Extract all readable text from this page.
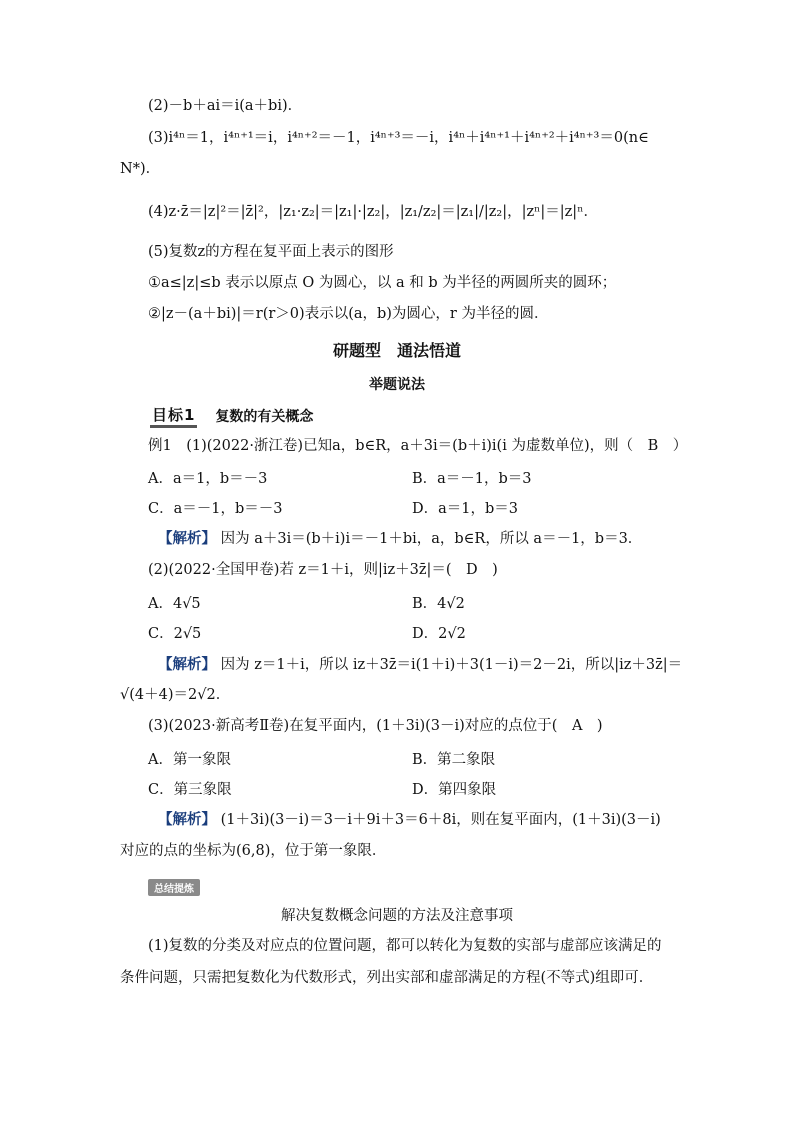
(2)－b＋ai＝i(a＋bi)．
(3)i⁴ⁿ＝1，i⁴ⁿ⁺¹＝i，i⁴ⁿ⁺²＝－1，i⁴ⁿ⁺³＝－i，i⁴ⁿ＋i⁴ⁿ⁺¹＋i⁴ⁿ⁺²＋i⁴ⁿ⁺³＝0(n∈
N*)．
(4)z·z̄＝|z|²＝|z̄|²，|z₁·z₂|＝|z₁|·|z₂|，|z₁/z₂|＝|z₁|/|z₂|，|zⁿ|＝|z|ⁿ．
(5)复数z的方程在复平面上表示的图形
①a≤|z|≤b 表示以原点 O 为圆心，以 a 和 b 为半径的两圆所夹的圆环；
②|z－(a＋bi)|＝r(r＞0)表示以(a，b)为圆心，r 为半径的圆．
研题型　通法悟道
举题说法
目标1 复数的有关概念
例1　(1)(2022·浙江卷)已知a，b∈R，a＋3i＝(b＋i)i(i 为虚数单位)，则（　B　）
A．a＝1，b＝－3	B．a＝－1，b＝3
C．a＝－1，b＝－3	D．a＝1，b＝3
【解析】 因为 a＋3i＝(b＋i)i＝－1＋bi，a，b∈R，所以 a＝－1，b＝3．
(2)(2022·全国甲卷)若 z＝1＋i，则|iz＋3z̄|＝(　D　)
A．4√5	B．4√2
C．2√5	D．2√2
【解析】 因为 z＝1＋i，所以 iz＋3z̄＝i(1＋i)＋3(1－i)＝2－2i，所以|iz＋3z̄|＝
√(4＋4)＝2√2．
(3)(2023·新高考Ⅱ卷)在复平面内，(1＋3i)(3－i)对应的点位于(　A　)
A．第一象限	B．第二象限
C．第三象限	D．第四象限
【解析】 (1＋3i)(3－i)＝3－i＋9i＋3＝6＋8i，则在复平面内，(1＋3i)(3－i)
对应的点的坐标为(6,8)，位于第一象限．
总结提炼
解决复数概念问题的方法及注意事项

(1)复数的分类及对应点的位置问题，都可以转化为复数的实部与虚部应该满足的条件问题，只需把复数化为代数形式，列出实部和虚部满足的方程(不等式)组即可．
